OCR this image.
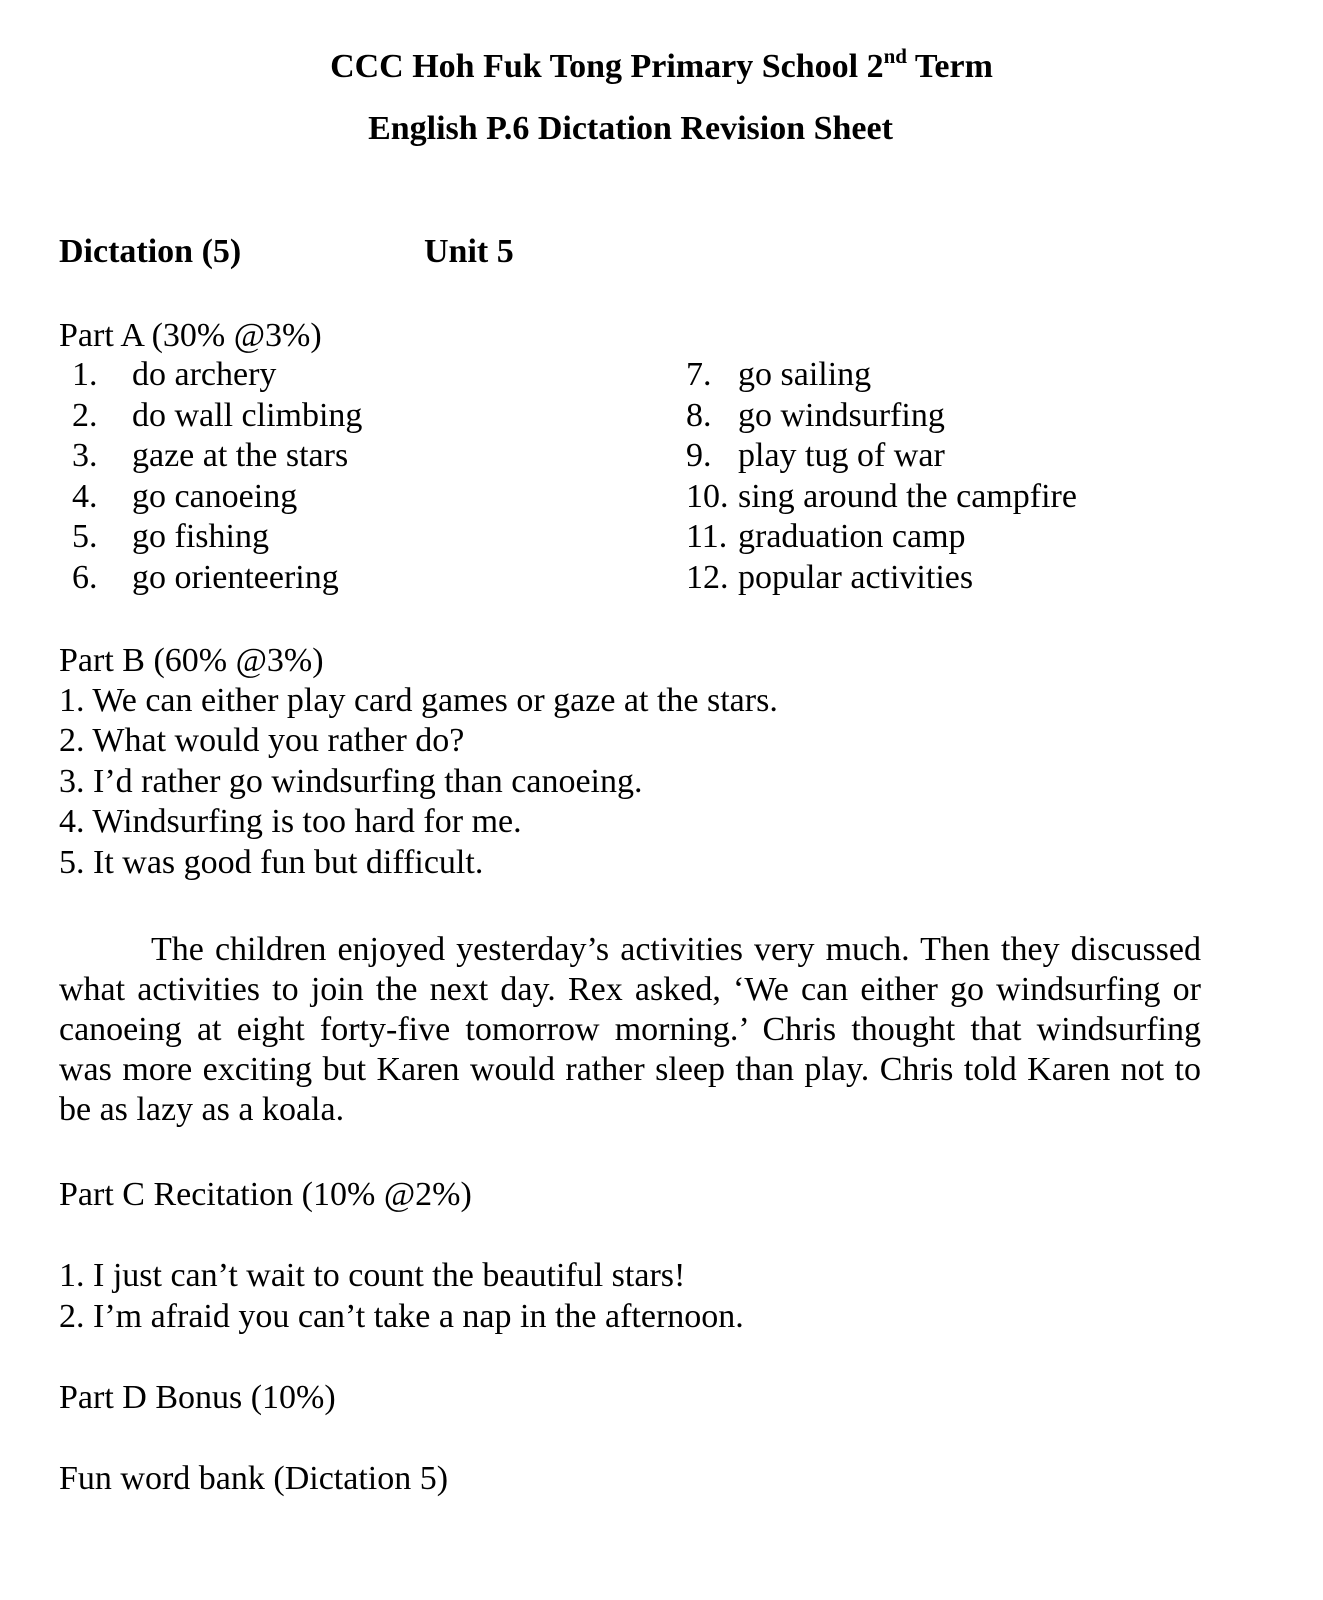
CCC Hoh Fuk Tong Primary School 2nd Term
English P.6 Dictation Revision Sheet
Dictation (5)	Unit 5
Part A (30% @3%)
1. do archery
2. do wall climbing
3. gaze at the stars
4. go canoeing
5. go fishing
6. go orienteering
7. go sailing
8. go windsurfing
9. play tug of war
10. sing around the campfire
11. graduation camp
12. popular activities
Part B (60% @3%)
1. We can either play card games or gaze at the stars.
2. What would you rather do?
3. I’d rather go windsurfing than canoeing.
4. Windsurfing is too hard for me.
5. It was good fun but difficult.
The children enjoyed yesterday’s activities very much. Then they discussed what activities to join the next day. Rex asked, ‘We can either go windsurfing or canoeing at eight forty-five tomorrow morning.’ Chris thought that windsurfing was more exciting but Karen would rather sleep than play. Chris told Karen not to be as lazy as a koala.
Part C Recitation (10% @2%)
1. I just can’t wait to count the beautiful stars!
2. I’m afraid you can’t take a nap in the afternoon.
Part D Bonus (10%)
Fun word bank (Dictation 5)
